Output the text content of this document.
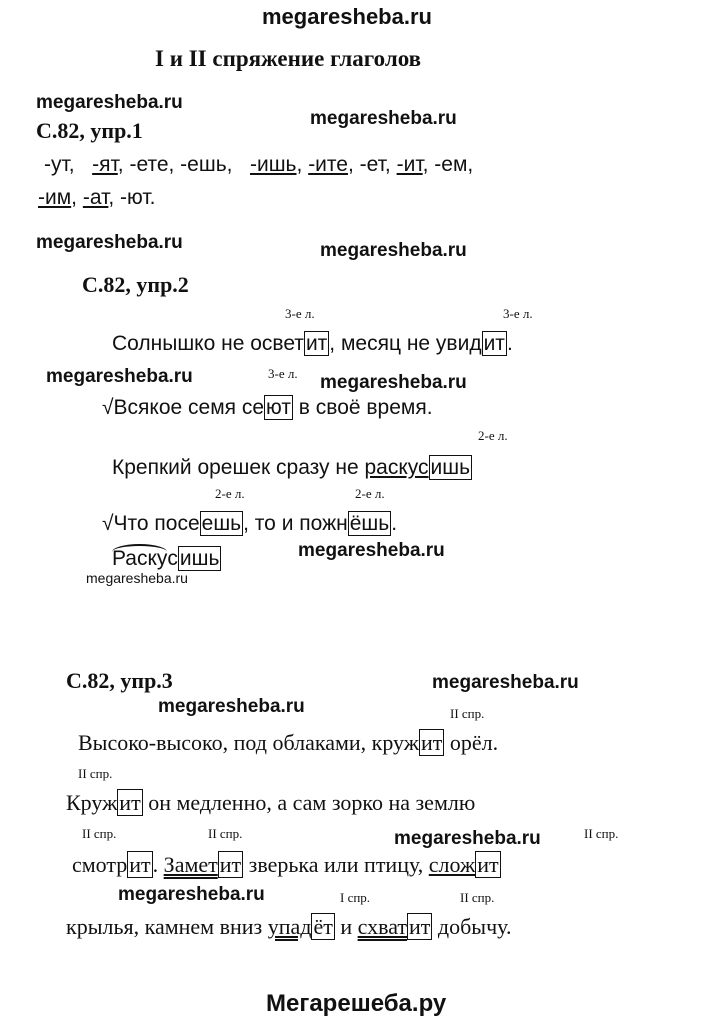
megaresheba.ru
I и II спряжение глаголов
megaresheba.ru
megaresheba.ru
С.82, упр.1
-ут, -ят, -ете, -ешь, -ишь, -ите, -ет, -ит, -ем,
-им, -ат, -ют.
megaresheba.ru	megaresheba.ru
С.82, упр.2
3-е л.	3-е л.
Солнышко не осветит, месяц не увидит.
megaresheba.ru	3-е л. megaresheba.ru
√Всякое семя сеют в своё время.
2-е л.
Крепкий орешек сразу не раскусишь
2-е л.	2-е л.
√Что посеешь, то и пожнёшь.
Раскусишь	megaresheba.ru
megaresheba.ru
С.82, упр.3	megaresheba.ru
megaresheba.ru	II спр.
Высоко-высоко, под облаками, кружит орёл.
II спр.
Кружит он медленно, а сам зорко на землю
II спр.	II спр.	megaresheba.ru	II спр.
смотрит. Заметит зверька или птицу, сложит
megaresheba.ru	I спр.	II спр.
крылья, камнем вниз упадёт и схватит добычу.
Мегарешеба.ру
